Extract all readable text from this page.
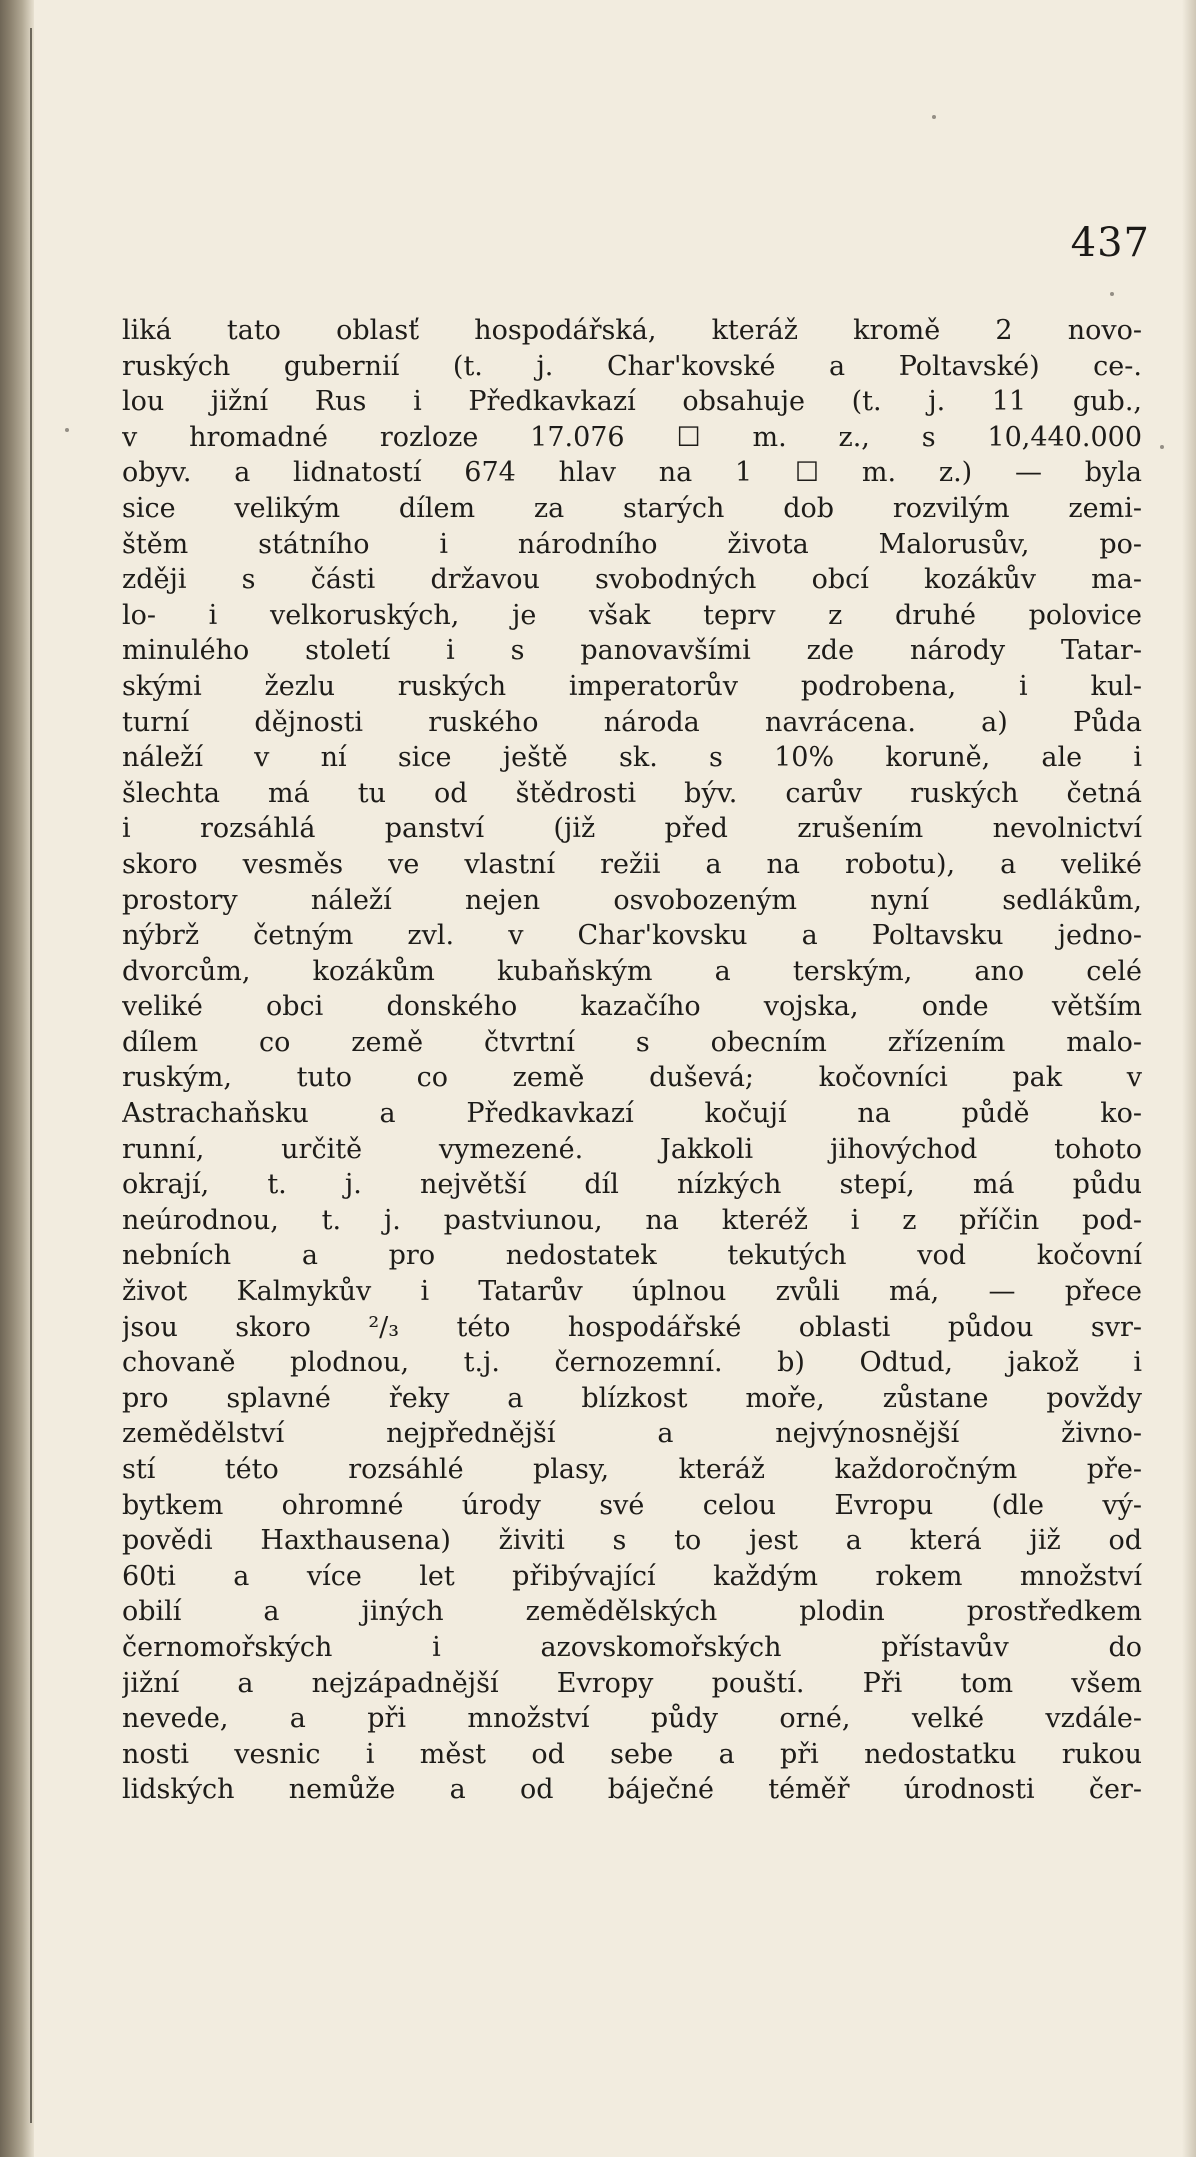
437
liká tato oblasť hospodářská, kteráž kromě 2 novo-
ruských gubernií (t. j. Char'kovské a Poltavské) ce-.
lou jižní Rus i Předkavkazí obsahuje (t. j. 11 gub.,
v hromadné rozloze 17.076 ☐ m. z., s 10,440.000
obyv. a lidnatostí 674 hlav na 1 ☐ m. z.) — byla
sice velikým dílem za starých dob rozvilým zemi-
štěm státního i národního života Malorusův, po-
zději s části državou svobodných obcí kozákův ma-
lo- i velkoruských, je však teprv z druhé polovice
minulého století i s panovavšími zde národy Tatar-
skými žezlu ruských imperatorův podrobena, i kul-
turní dějnosti ruského národa navrácena. a) Půda
náleží v ní sice ještě sk. s 10% koruně, ale i
šlechta má tu od štědrosti býv. carův ruských četná
i rozsáhlá panství (již před zrušením nevolnictví
skoro vesměs ve vlastní režii a na robotu), a veliké
prostory náleží nejen osvobozeným nyní sedlákům,
nýbrž četným zvl. v Char'kovsku a Poltavsku jedno-
dvorcům, kozákům kubaňským a terským, ano celé
veliké obci donského kazačího vojska, onde větším
dílem co země čtvrtní s obecním zřízením malo-
ruským, tuto co země duševá; kočovníci pak v
Astrachaňsku a Předkavkazí kočují na půdě ko-
runní, určitě vymezené. Jakkoli jihovýchod tohoto
okrají, t. j. největší díl nízkých stepí, má půdu
neúrodnou, t. j. pastviunou, na kteréž i z příčin pod-
nebních a pro nedostatek tekutých vod kočovní
život Kalmykův i Tatarův úplnou zvůli má, — přece
jsou skoro ²/₃ této hospodářské oblasti půdou svr-
chovaně plodnou, t.j. černozemní. b) Odtud, jakož i
pro splavné řeky a blízkost moře, zůstane povždy
zemědělství nejpřednější a nejvýnosnější živno-
stí této rozsáhlé plasy, kteráž každoročným pře-
bytkem ohromné úrody své celou Evropu (dle vý-
povědi Haxthausena) živiti s to jest a která již od
60ti a více let přibývající každým rokem množství
obilí a jiných zemědělských plodin prostředkem
černomořských i azovskomořských přístavův do
jižní a nejzápadnější Evropy pouští. Při tom všem
nevede, a při množství půdy orné, velké vzdále-
nosti vesnic i měst od sebe a při nedostatku rukou
lidských nemůže a od báječné téměř úrodnosti čer-
